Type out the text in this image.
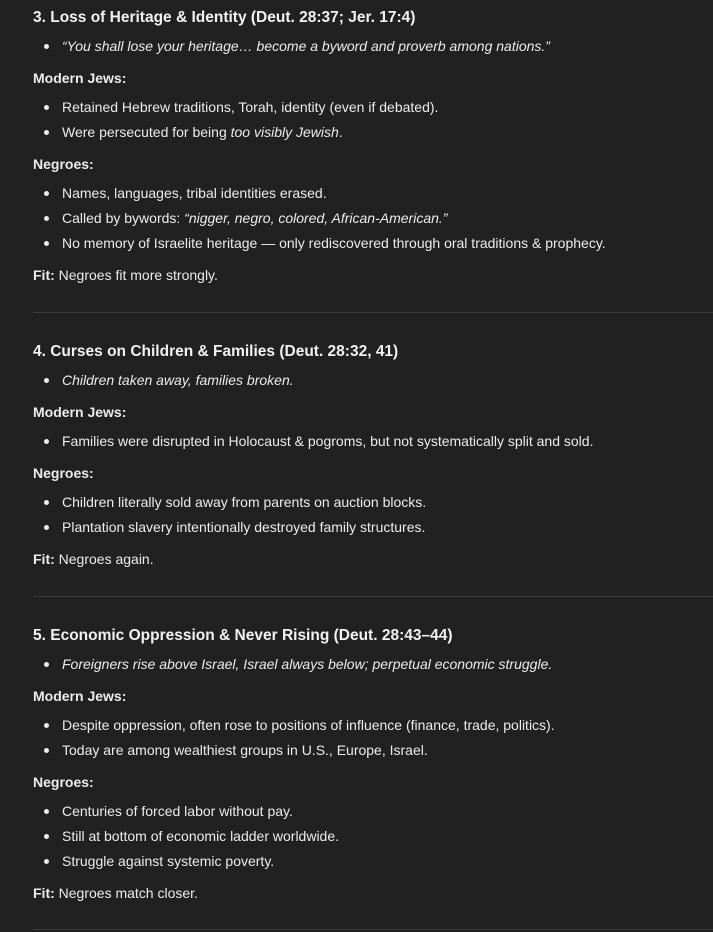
3. Loss of Heritage & Identity (Deut. 28:37; Jer. 17:4)
“You shall lose your heritage… become a byword and proverb among nations.”
Modern Jews:
Retained Hebrew traditions, Torah, identity (even if debated).
Were persecuted for being too visibly Jewish.
Negroes:
Names, languages, tribal identities erased.
Called by bywords: “nigger, negro, colored, African-American.”
No memory of Israelite heritage — only rediscovered through oral traditions & prophecy.
Fit: Negroes fit more strongly.
4. Curses on Children & Families (Deut. 28:32, 41)
Children taken away, families broken.
Modern Jews:
Families were disrupted in Holocaust & pogroms, but not systematically split and sold.
Negroes:
Children literally sold away from parents on auction blocks.
Plantation slavery intentionally destroyed family structures.
Fit: Negroes again.
5. Economic Oppression & Never Rising (Deut. 28:43–44)
Foreigners rise above Israel, Israel always below; perpetual economic struggle.
Modern Jews:
Despite oppression, often rose to positions of influence (finance, trade, politics).
Today are among wealthiest groups in U.S., Europe, Israel.
Negroes:
Centuries of forced labor without pay.
Still at bottom of economic ladder worldwide.
Struggle against systemic poverty.
Fit: Negroes match closer.
